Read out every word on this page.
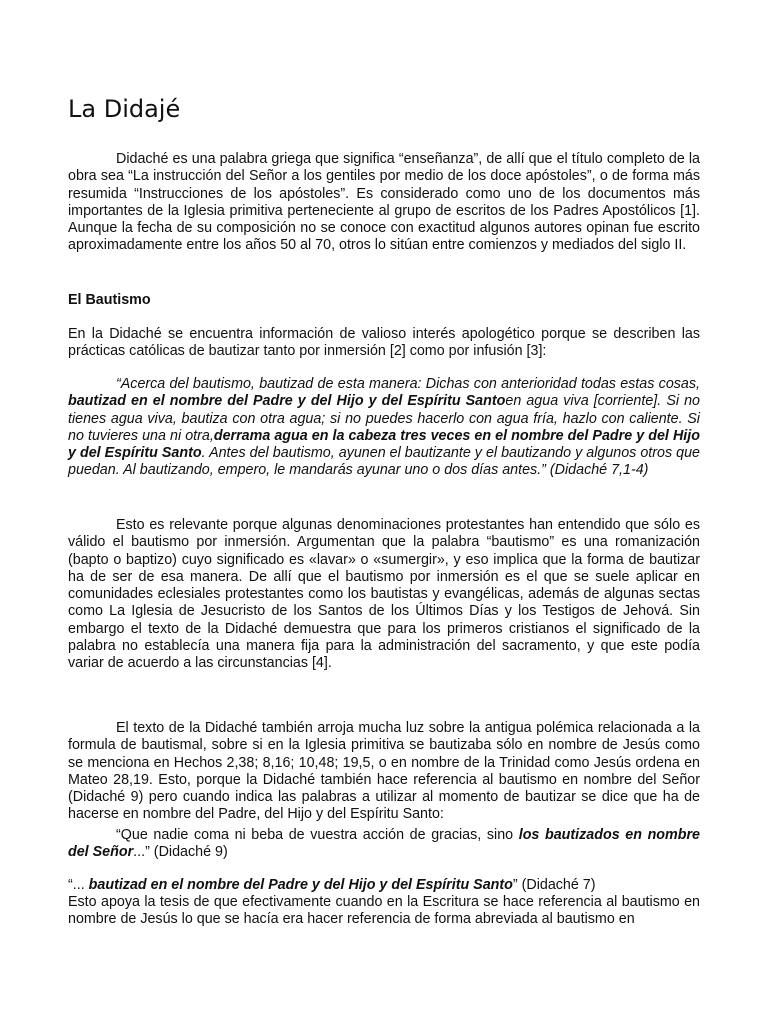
La Didajé

Didaché es una palabra griega que significa “enseñanza”, de allí que el título completo de la obra sea “La instrucción del Señor a los gentiles por medio de los doce apóstoles”, o de forma más resumida “Instrucciones de los apóstoles”. Es considerado como uno de los documentos más importantes de la Iglesia primitiva perteneciente al grupo de escritos de los Padres Apostólicos [1]. Aunque la fecha de su composición no se conoce con exactitud algunos autores opinan fue escrito aproximadamente entre los años 50 al 70, otros lo sitúan entre comienzos y mediados del siglo II.

El Bautismo

En la Didaché se encuentra información de valioso interés apologético porque se describen las prácticas católicas de bautizar tanto por inmersión [2] como por infusión [3]:

“Acerca del bautismo, bautizad de esta manera: Dichas con anterioridad todas estas cosas, bautizad en el nombre del Padre y del Hijo y del Espíritu Santoen agua viva [corriente]. Si no tienes agua viva, bautiza con otra agua; si no puedes hacerlo con agua fría, hazlo con caliente. Si no tuvieres una ni otra,derrama agua en la cabeza tres veces en el nombre del Padre y del Hijo y del Espíritu Santo. Antes del bautismo, ayunen el bautizante y el bautizando y algunos otros que puedan. Al bautizando, empero, le mandarás ayunar uno o dos días antes.” (Didaché 7,1-4)

Esto es relevante porque algunas denominaciones protestantes han entendido que sólo es válido el bautismo por inmersión. Argumentan que la palabra “bautismo” es una romanización (bapto o baptizo) cuyo significado es «lavar» o «sumergir», y eso implica que la forma de bautizar ha de ser de esa manera. De allí que el bautismo por inmersión es el que se suele aplicar en comunidades eclesiales protestantes como los bautistas y evangélicas, además de algunas sectas como La Iglesia de Jesucristo de los Santos de los Últimos Días y los Testigos de Jehová. Sin embargo el texto de la Didaché demuestra que para los primeros cristianos el significado de la palabra no establecía una manera fija para la administración del sacramento, y que este podía variar de acuerdo a las circunstancias [4].

El texto de la Didaché también arroja mucha luz sobre la antigua polémica relacionada a la formula de bautismal, sobre si en la Iglesia primitiva se bautizaba sólo en nombre de Jesús como se menciona en Hechos 2,38; 8,16; 10,48; 19,5, o en nombre de la Trinidad como Jesús ordena en Mateo 28,19. Esto, porque la Didaché también hace referencia al bautismo en nombre del Señor (Didaché 9) pero cuando indica las palabras a utilizar al momento de bautizar se dice que ha de hacerse en nombre del Padre, del Hijo y del Espíritu Santo:

“Que nadie coma ni beba de vuestra acción de gracias, sino los bautizados en nombre del Señor...” (Didaché 9)

“... bautizad en el nombre del Padre y del Hijo y del Espíritu Santo” (Didaché 7)

Esto apoya la tesis de que efectivamente cuando en la Escritura se hace referencia al bautismo en nombre de Jesús lo que se hacía era hacer referencia de forma abreviada al bautismo en
